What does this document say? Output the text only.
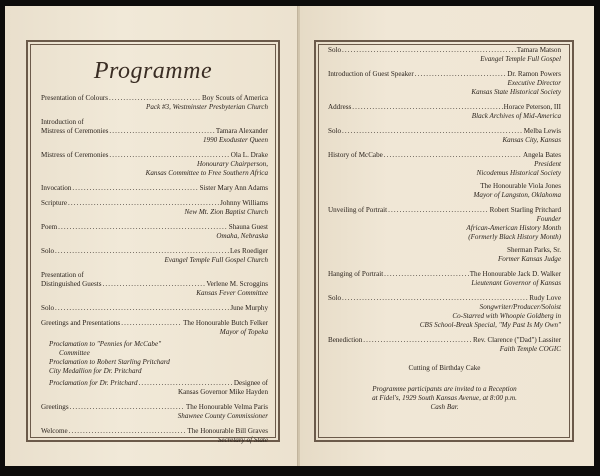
Programme
Presentation of Colours .....	Boy Scouts of America
Pack #3, Westminster Presbyterian Church
Introduction of
Mistress of Ceremonies .....	Tamara Alexander
1990 Exoduster Queen
Mistress of Ceremonies .....	Ola L. Drake
Honourary Chairperson,
Kansas Committee to Free Southern Africa
Invocation .....	Sister Mary Ann Adams
Scripture .....	Johnny Williams
New Mt. Zion Baptist Church
Poem .....	Shauna Guest
Omaha, Nebraska
Solo .....	Les Roediger
Evangel Temple Full Gospel Church
Presentation of
Distinguished Guests .....	Verlene M. Scroggins
Kansas Fever Committee
Solo .....	June Murphy
Greetings and Presentations .....	The Honourable Butch Felker
Mayor of Topeka
Proclamation to "Pennies for McCabe"
Committee
Proclamation to Robert Starling Pritchard
City Medallion for Dr. Pritchard
Proclamation for Dr. Pritchard .....	Designee of
Kansas Governor Mike Hayden
Greetings .....	The Honourable Velma Paris
Shawnee County Commissioner
Welcome .....	The Honourable Bill Graves
Secretary of State
Solo .....	Tamara Matson
Evangel Temple Full Gospel
Introduction of Guest Speaker .....	Dr. Ramon Powers
Executive Director
Kansas State Historical Society
Address .....	Horace Peterson, III
Black Archives of Mid-America
Solo .....	Melba Lewis
Kansas City, Kansas
History of McCabe .....	Angela Bates
President
Nicodemus Historical Society
The Honourable Viola Jones
Mayor of Langston, Oklahoma
Unveiling of Portrait .....	Robert Starling Pritchard
Founder
African-American History Month
(Formerly Black History Month)
Sherman Parks, Sr.
Former Kansas Judge
Hanging of Portrait .....	The Honourable Jack D. Walker
Lieutenant Governor of Kansas
Solo .....	Rudy Love
Songwriter/Producer/Soloist
Co-Starred with Whoopie Goldberg in
CBS School-Break Special, "My Past Is My Own"
Benediction .....	Rev. Clarence ("Dad") Lassiter
Faith Temple COGIC
Cutting of Birthday Cake
Programme participants are invited to a Reception
at Fidel's, 1929 South Kansas Avenue, at 8:00 p.m.
Cash Bar.
